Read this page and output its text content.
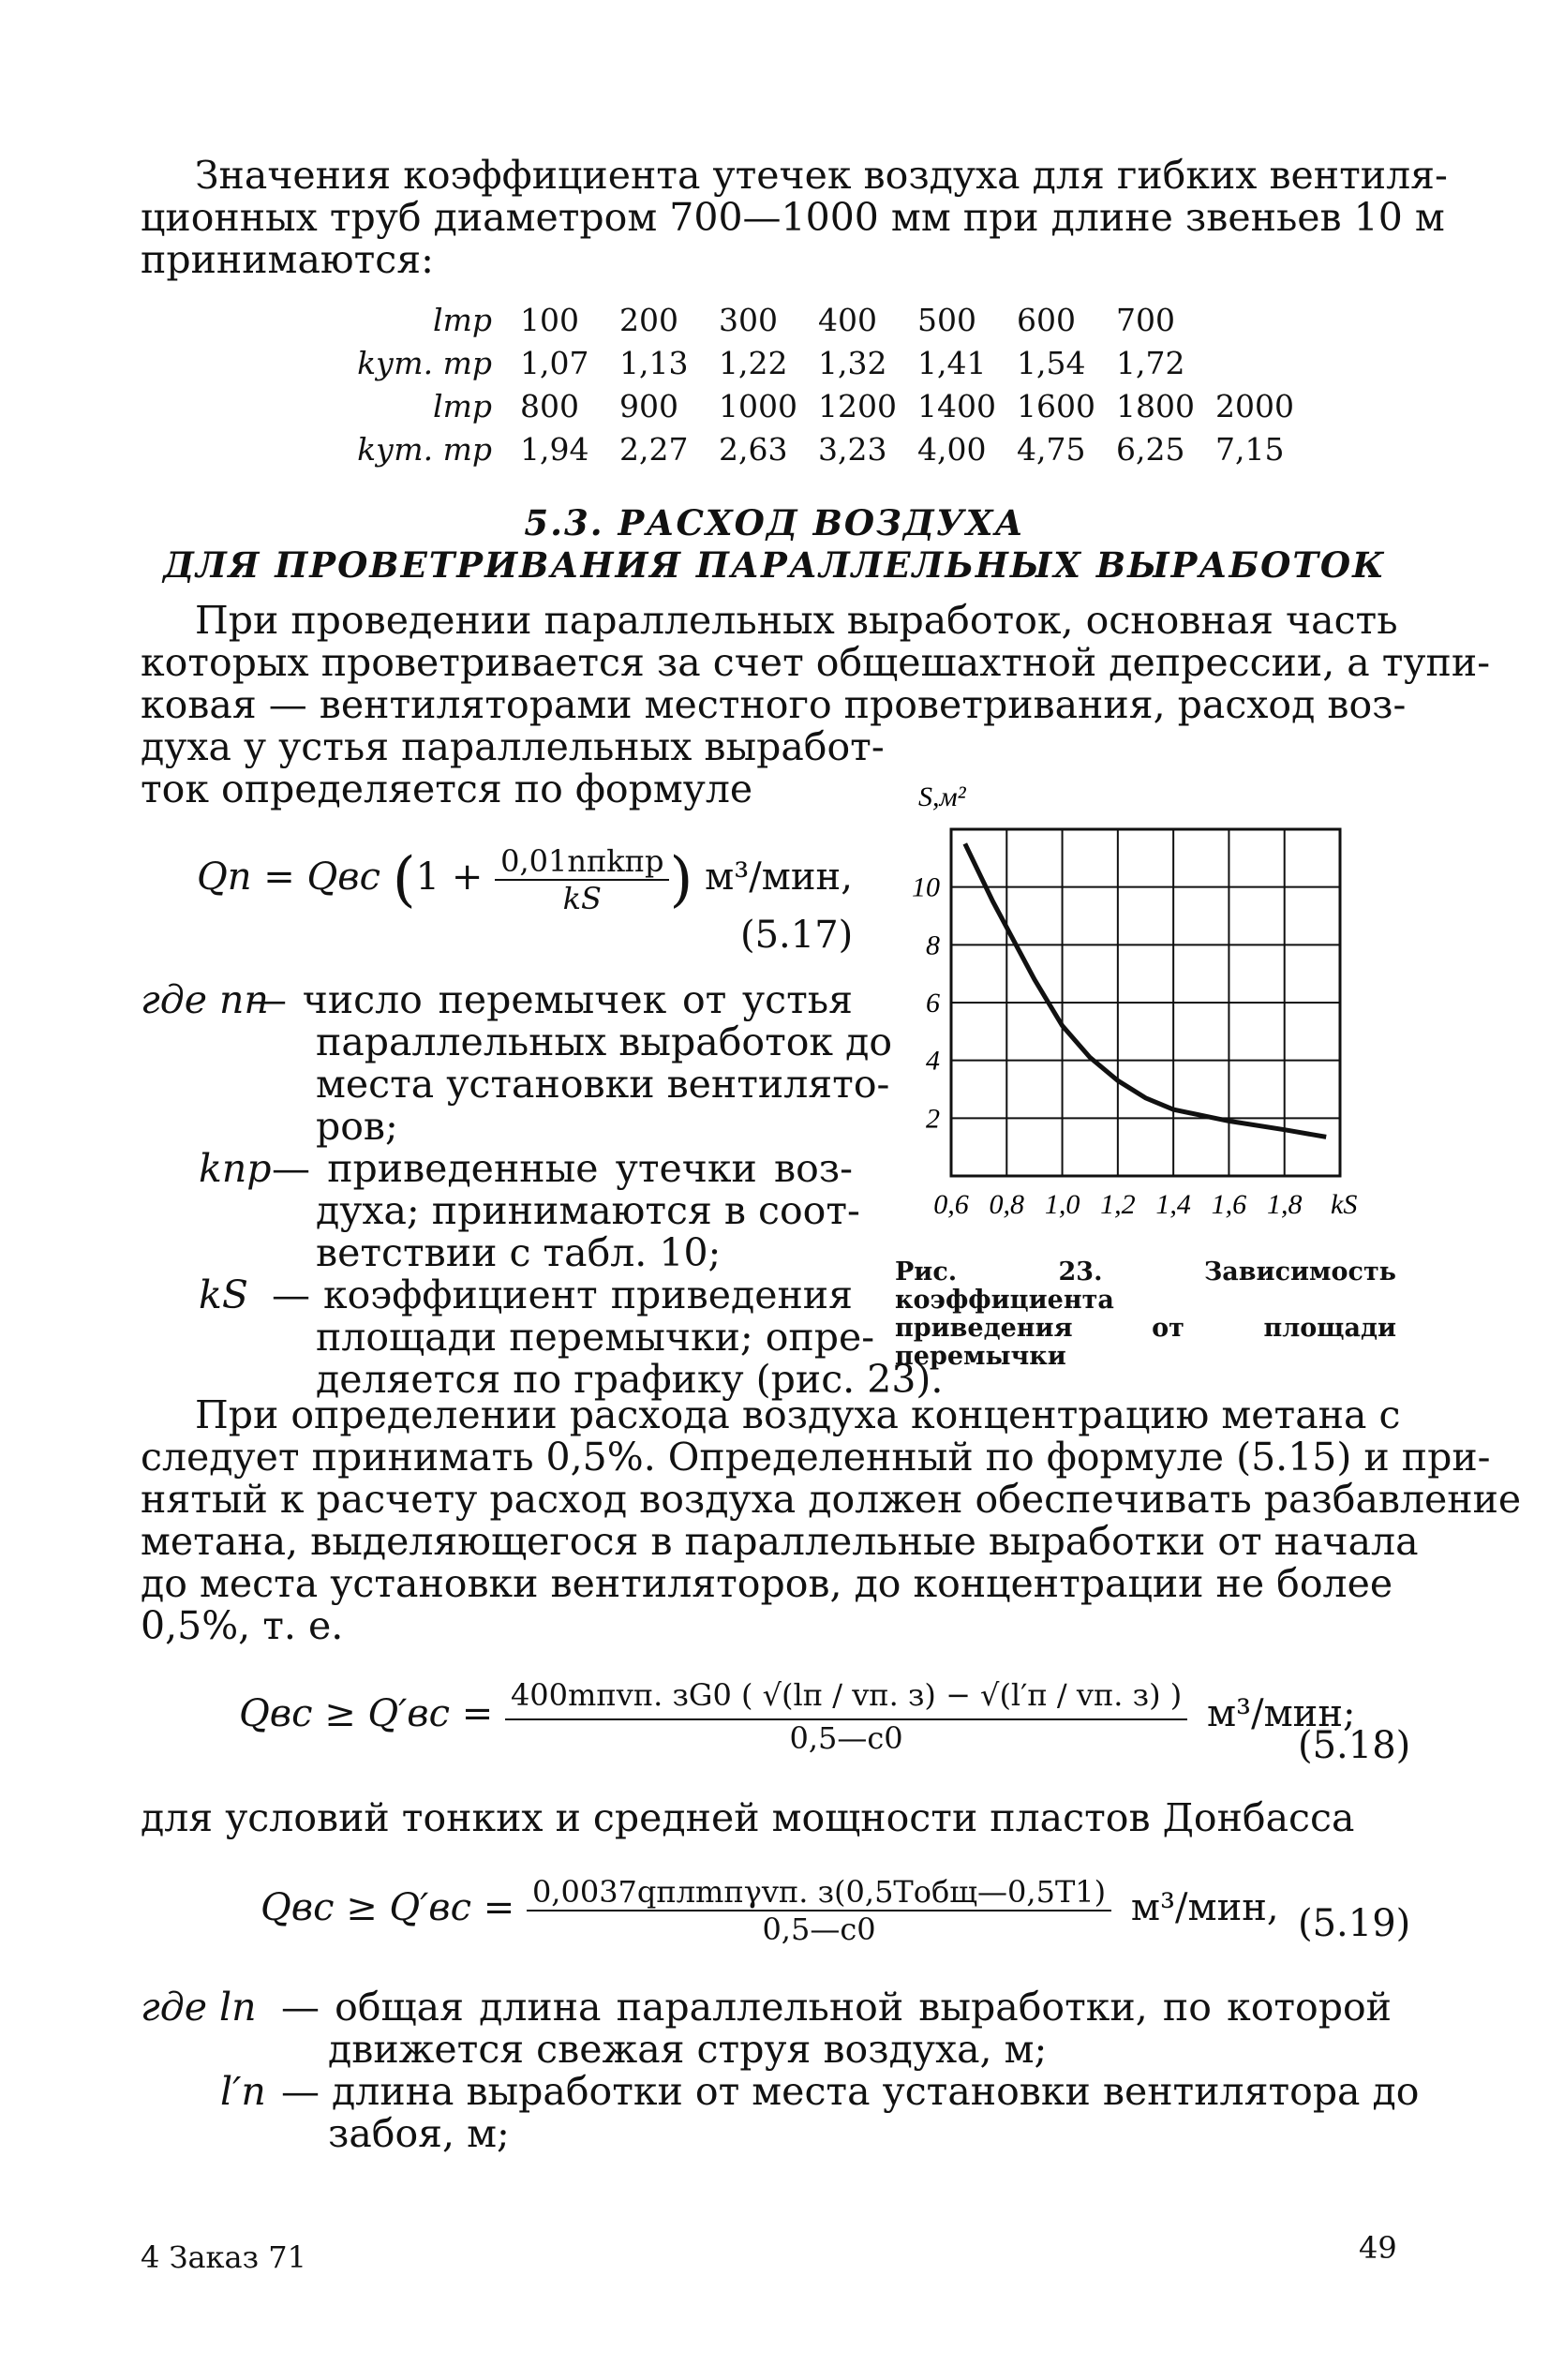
Значения коэффициента утечек воздуха для гибких вентиля-
ционных труб диаметром 700—1000 мм при длине звеньев 10 м
принимаются:
lтр	100	200	300	400	500	600	700	
kут. тр	1,07	1,13	1,22	1,32	1,41	1,54	1,72	
lтр	800	900	1000	1200	1400	1600	1800	2000
kут. тр	1,94	2,27	2,63	3,23	4,00	4,75	6,25	7,15
5.3. РАСХОД ВОЗДУХА
ДЛЯ ПРОВЕТРИВАНИЯ ПАРАЛЛЕЛЬНЫХ ВЫРАБОТОК
При проведении параллельных выработок, основная часть
которых проветривается за счет общешахтной депрессии, а тупи-
ковая — вентиляторами местного проветривания, расход воз-
духа у устья параллельных выработ-
ток определяется по формуле
Qп = Qвс ($1 + \frac{\text{0,01nпkпр}}{kS}$ ) м³/мин,
(5.17)
где nп
— число перемычек от устья
параллельных выработок до
места установки вентилято-
ров;
kпр — приведенные утечки воз-
духа; принимаются в соот-
ветствии с табл. 10;
kS — коэффициент приведения
площади перемычки; опре-
деляется по графику (рис. 23).
S,м²
0,6 0,8 1,0 1,2 1,4 1,6 1,8
2
4
6
8
10
kS
Рис. 23. Зависимость коэффициента
приведения от площади перемычки
При определении расхода воздуха концентрацию метана с
следует принимать 0,5%. Определенный по формуле (5.15) и при-
нятый к расчету расход воздуха должен обеспечивать разбавление
метана, выделяющегося в параллельные выработки от начала
до места установки вентиляторов, до концентрации не более
0,5%, т. е.
Qвс ≥ $Q'вс = \frac{\text{400mпvп. зG0 ( √(lп / vп. з) − √(l′п / vп. з) )}}{0,5—c0} м^3/мин$;
(5.18)
для условий тонких и средней мощности пластов Донбасса
Qвс ≥ $Q'вс = \frac{\text{0,0037qплmпγvп. з(0,5Tобщ—0,5T1)}}{0,5—c0} м^3/мин$, (5.19)
где lп — общая длина параллельной выработки, по которой
движется свежая струя воздуха, м;
l′п — длина выработки от места установки вентилятора до
забоя, м;
4 Заказ 71	49
